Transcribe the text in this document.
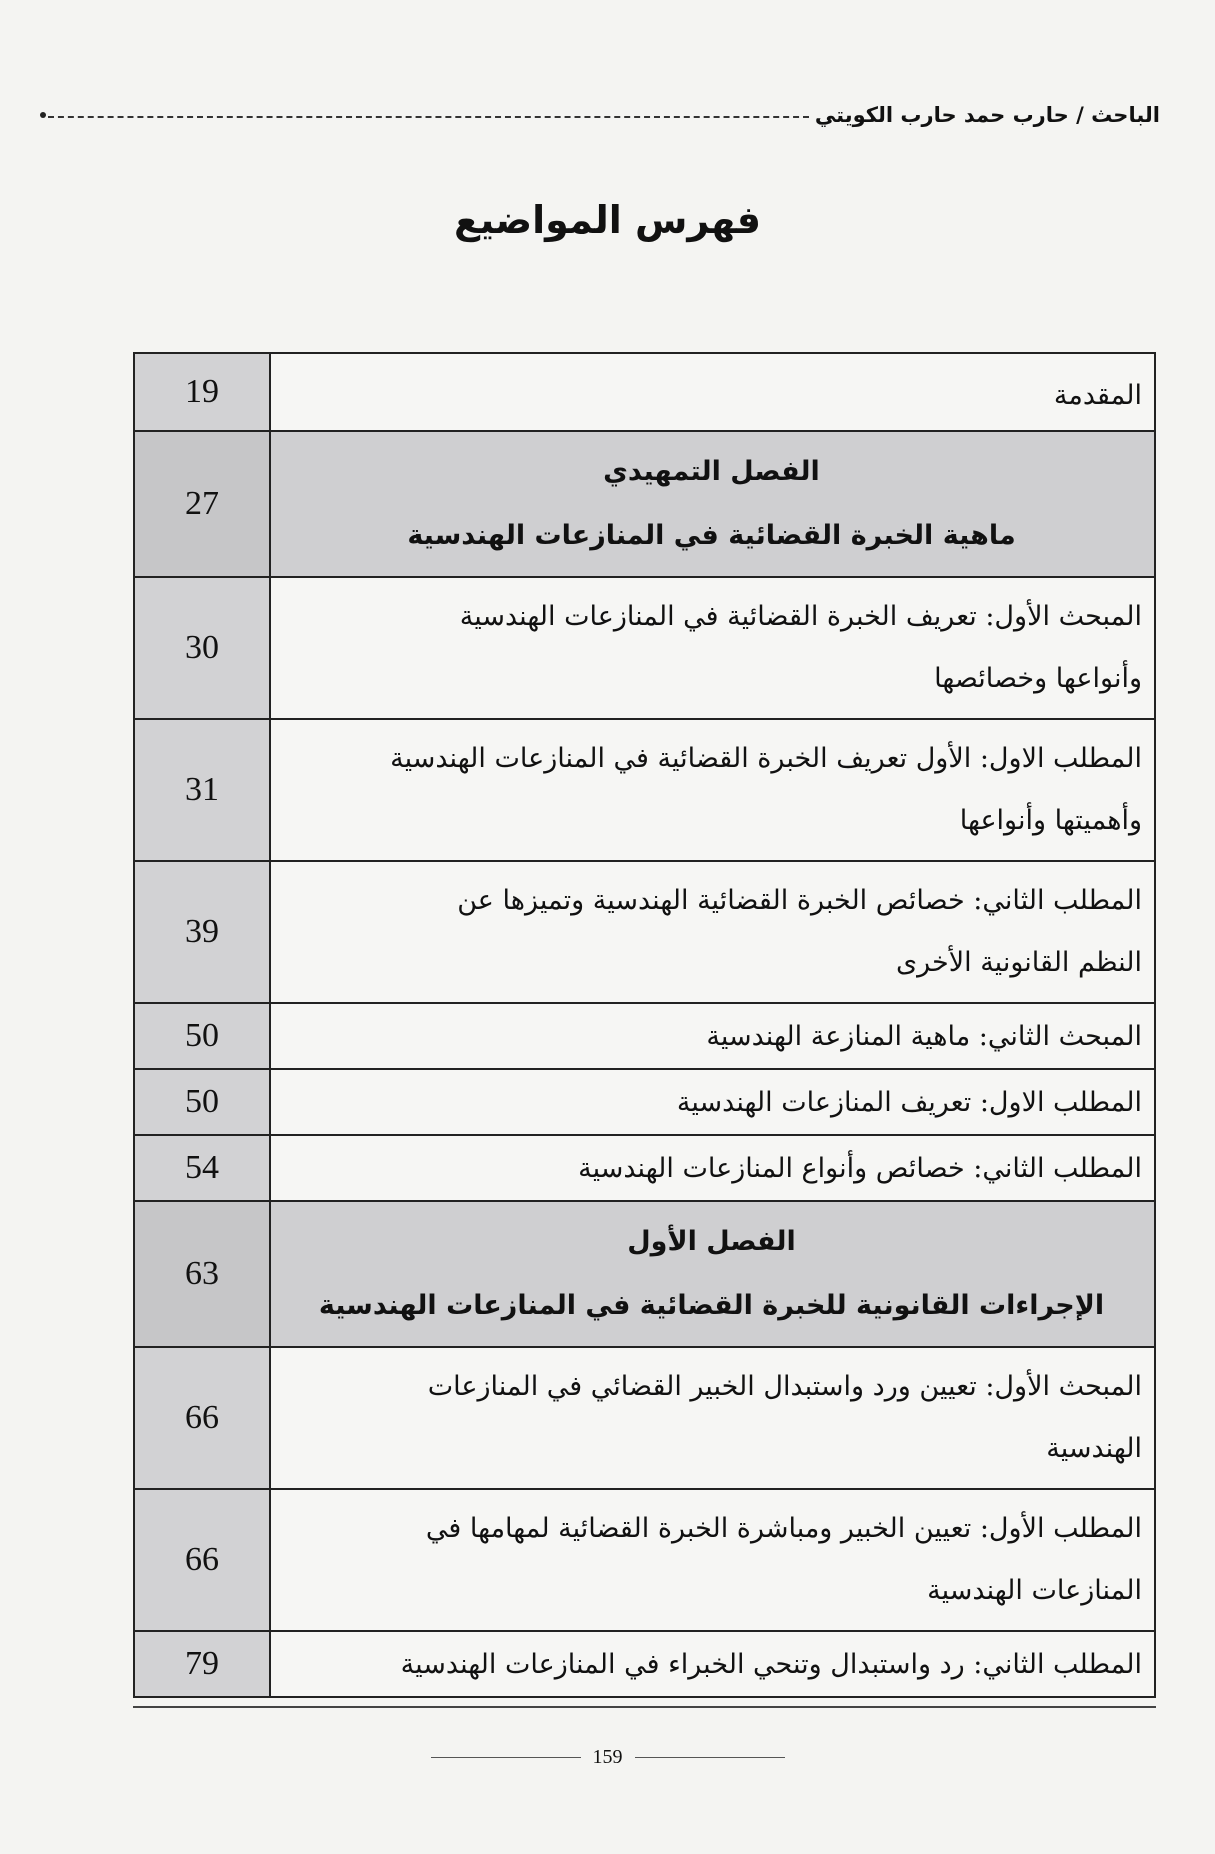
الباحث / حارب حمد حارب الكويتي
فهرس المواضيع
المقدمة	19

الفصل التمهيدي
ماهية الخبرة القضائية في المنازعات الهندسية	27

المبحث الأول: تعريف الخبرة القضائية في المنازعات الهندسية
وأنواعها وخصائصها	30

المطلب الاول: الأول تعريف الخبرة القضائية في المنازعات الهندسية
وأهميتها وأنواعها	31

المطلب الثاني: خصائص الخبرة القضائية الهندسية وتميزها عن
النظم القانونية الأخرى	39

المبحث الثاني: ماهية المنازعة الهندسية	50

المطلب الاول: تعريف المنازعات الهندسية	50

المطلب الثاني: خصائص وأنواع المنازعات الهندسية	54

الفصل الأول
الإجراءات القانونية للخبرة القضائية في المنازعات الهندسية	63

المبحث الأول: تعيين ورد واستبدال الخبير القضائي في المنازعات
الهندسية	66

المطلب الأول: تعيين الخبير ومباشرة الخبرة القضائية لمهامها في
المنازعات الهندسية	66

المطلب الثاني: رد واستبدال وتنحي الخبراء في المنازعات الهندسية	79
159
